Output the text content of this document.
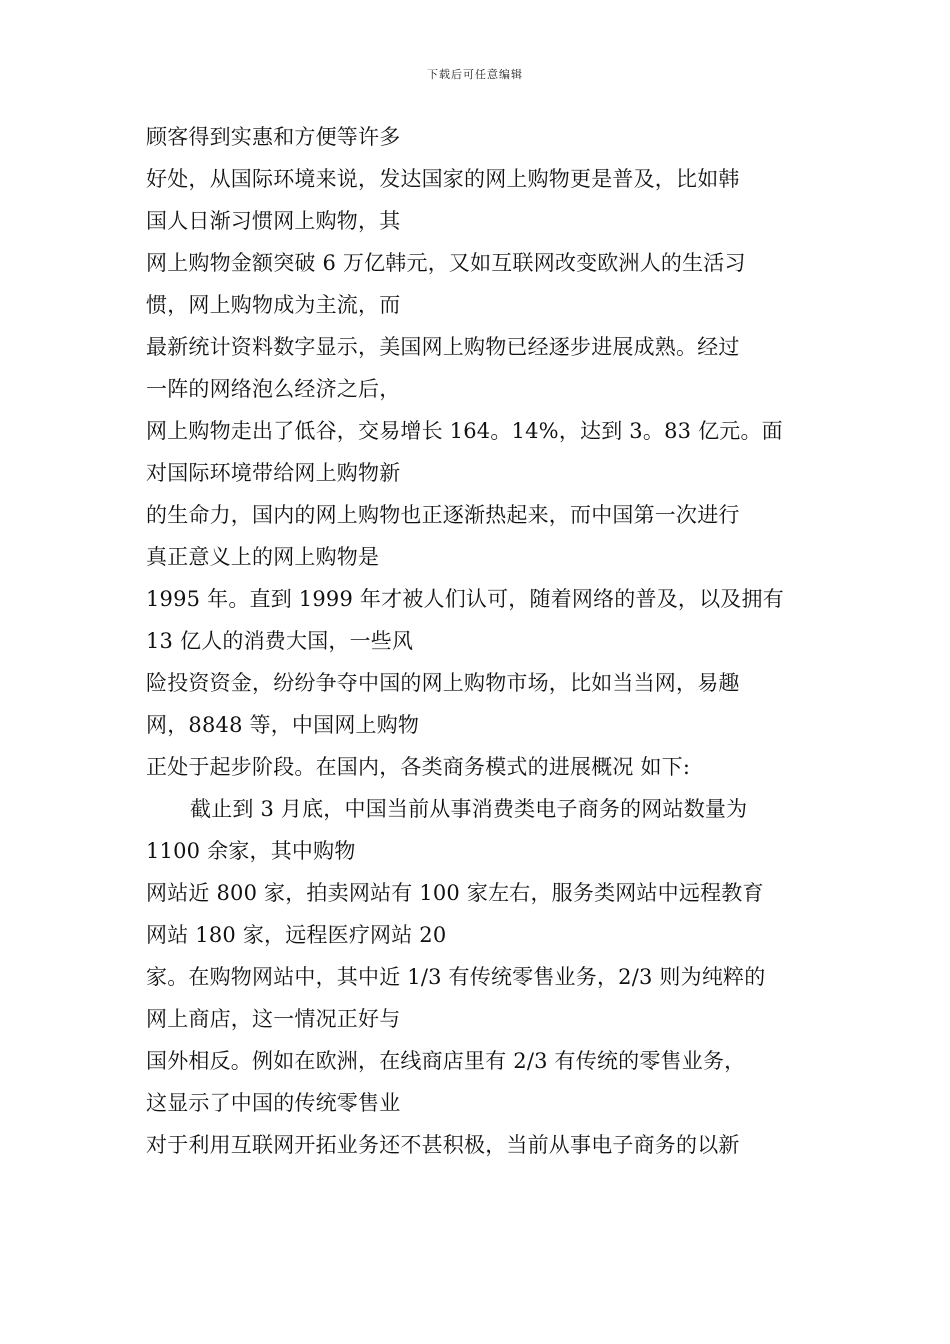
下载后可任意编辑
顾客得到实惠和方便等许多
好处，从国际环境来说，发达国家的网上购物更是普及，比如韩
国人日渐习惯网上购物，其
网上购物金额突破 6 万亿韩元，又如互联网改变欧洲人的生活习
惯，网上购物成为主流，而
最新统计资料数字显示，美国网上购物已经逐步进展成熟。经过
一阵的网络泡么经济之后，
网上购物走出了低谷，交易增长 164。14%，达到 3。83 亿元。面
对国际环境带给网上购物新
的生命力，国内的网上购物也正逐渐热起来，而中国第一次进行
真正意义上的网上购物是
1995 年。直到 1999 年才被人们认可，随着网络的普及，以及拥有
13 亿人的消费大国，一些风
险投资资金，纷纷争夺中国的网上购物市场，比如当当网，易趣
网，8848 等，中国网上购物
正处于起步阶段。在国内，各类商务模式的进展概况 如下:
截止到 3 月底，中国当前从事消费类电子商务的网站数量为
1100 余家，其中购物
网站近 800 家，拍卖网站有 100 家左右，服务类网站中远程教育
网站 180 家，远程医疗网站 20
家。在购物网站中，其中近 1/3 有传统零售业务，2/3 则为纯粹的
网上商店，这一情况正好与
国外相反。例如在欧洲，在线商店里有 2/3 有传统的零售业务，
这显示了中国的传统零售业
对于利用互联网开拓业务还不甚积极，当前从事电子商务的以新
